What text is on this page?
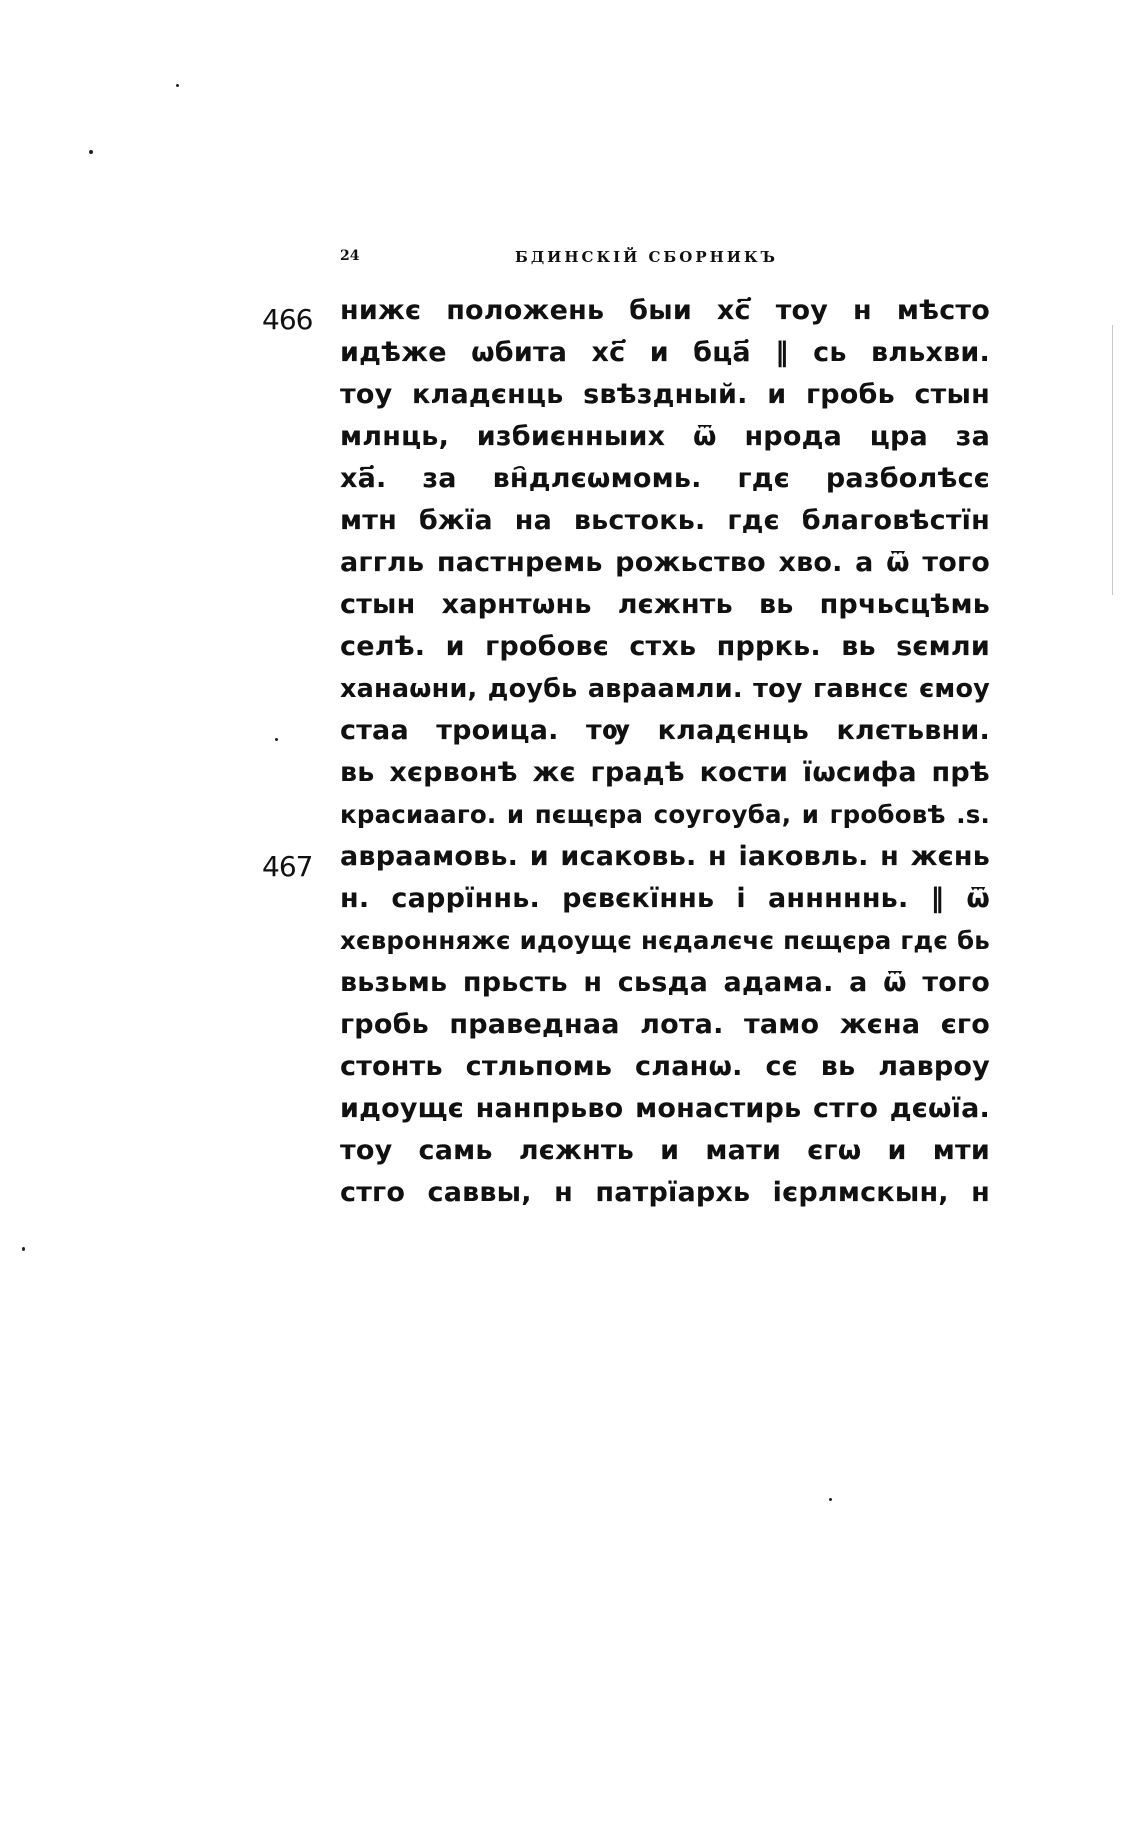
24	БДИНСКІЙ СБОРНИКЪ
466
467
нижє положень быи хс҃ тоу н мѣсто
идѣже ѡбита хс҃ и бца҃ ‖ сь вльхви.
тоу кладєнць ѕвѣздный. и гробь стын
млнць, избиєнныих ѿ нрода цра за
ха҃. за вн҄длєѡмомь. гдє разболѣсє
мтн бжїа на вьстокь. гдє благовѣстїн
аггль пастнремь рожьство хво. а ѿ того
стын харнтѡнь лєжнть вь прчьсцѣмь
селѣ. и гробовє стхь прркь. вь ѕємли
ханаѡни, доубь авраамли. тоу гавнсє ємоу
стаа троица. тѹ кладєнць клєтьвни.
вь хєрвонѣ жє градѣ кости їѡсифа прѣ
красиааго. и пєщєра соугоуба, и гробовѣ .ѕ.
авраамовь. и исаковь. н іаковль. н жєнь
н. саррїннь. рєвєкїннь і анннннь. ‖ ѿ
хєвронняжє идоущє нєдалєчє пєщєра гдє бь
вьзьмь прьсть н сьѕда адама. а ѿ того
гробь праведнаа лота. тамо жєна єго
стонть стльпомь сланѡ. сє вь лавроу
идоущє нанпрьво монастирь стго дєѡїа.
тоу самь лєжнть и мати єгѡ и мти
стго саввы, н патрїархь ієрлмскын, н
